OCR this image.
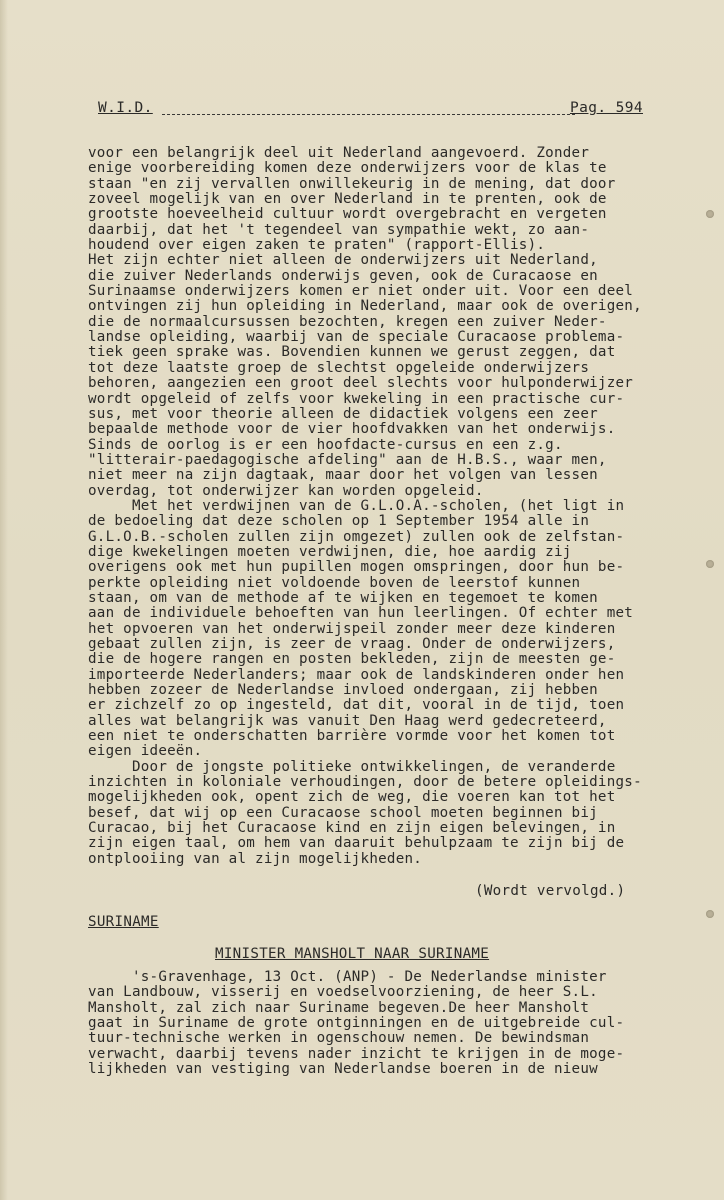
W.I.D.	Pag. 594
voor een belangrijk deel uit Nederland aangevoerd. Zonder
enige voorbereiding komen deze onderwijzers voor de klas te
staan "en zij vervallen onwillekeurig in de mening, dat door
zoveel mogelijk van en over Nederland in te prenten, ook de
grootste hoeveelheid cultuur wordt overgebracht en vergeten
daarbij, dat het 't tegendeel van sympathie wekt, zo aan-
houdend over eigen zaken te praten" (rapport-Ellis).
Het zijn echter niet alleen de onderwijzers uit Nederland,
die zuiver Nederlands onderwijs geven, ook de Curacaose en
Surinaamse onderwijzers komen er niet onder uit. Voor een deel
ontvingen zij hun opleiding in Nederland, maar ook de overigen,
die de normaalcursussen bezochten, kregen een zuiver Neder-
landse opleiding, waarbij van de speciale Curacaose problema-
tiek geen sprake was. Bovendien kunnen we gerust zeggen, dat
tot deze laatste groep de slechtst opgeleide onderwijzers
behoren, aangezien een groot deel slechts voor hulponderwijzer
wordt opgeleid of zelfs voor kwekeling in een practische cur-
sus, met voor theorie alleen de didactiek volgens een zeer
bepaalde methode voor de vier hoofdvakken van het onderwijs.
Sinds de oorlog is er een hoofdacte-cursus en een z.g.
"litterair-paedagogische afdeling" aan de H.B.S., waar men,
niet meer na zijn dagtaak, maar door het volgen van lessen
overdag, tot onderwijzer kan worden opgeleid.
Met het verdwijnen van de G.L.O.A.-scholen, (het ligt in
de bedoeling dat deze scholen op 1 September 1954 alle in
G.L.O.B.-scholen zullen zijn omgezet) zullen ook de zelfstan-
dige kwekelingen moeten verdwijnen, die, hoe aardig zij
overigens ook met hun pupillen mogen omspringen, door hun be-
perkte opleiding niet voldoende boven de leerstof kunnen
staan, om van de methode af te wijken en tegemoet te komen
aan de individuele behoeften van hun leerlingen. Of echter met
het opvoeren van het onderwijspeil zonder meer deze kinderen
gebaat zullen zijn, is zeer de vraag. Onder de onderwijzers,
die de hogere rangen en posten bekleden, zijn de meesten ge-
importeerde Nederlanders; maar ook de landskinderen onder hen
hebben zozeer de Nederlandse invloed ondergaan, zij hebben
er zichzelf zo op ingesteld, dat dit, vooral in de tijd, toen
alles wat belangrijk was vanuit Den Haag werd gedecreteerd,
een niet te onderschatten barrière vormde voor het komen tot
eigen ideeën.
Door de jongste politieke ontwikkelingen, de veranderde
inzichten in koloniale verhoudingen, door de betere opleidings-
mogelijkheden ook, opent zich de weg, die voeren kan tot het
besef, dat wij op een Curacaose school moeten beginnen bij
Curacao, bij het Curacaose kind en zijn eigen belevingen, in
zijn eigen taal, om hem van daaruit behulpzaam te zijn bij de
ontplooiing van al zijn mogelijkheden.
(Wordt vervolgd.)
SURINAME
MINISTER MANSHOLT NAAR SURINAME
's-Gravenhage, 13 Oct. (ANP) - De Nederlandse minister
van Landbouw, visserij en voedselvoorziening, de heer S.L.
Mansholt, zal zich naar Suriname begeven.De heer Mansholt
gaat in Suriname de grote ontginningen en de uitgebreide cul-
tuur-technische werken in ogenschouw nemen. De bewindsman
verwacht, daarbij tevens nader inzicht te krijgen in de moge-
lijkheden van vestiging van Nederlandse boeren in de nieuw
